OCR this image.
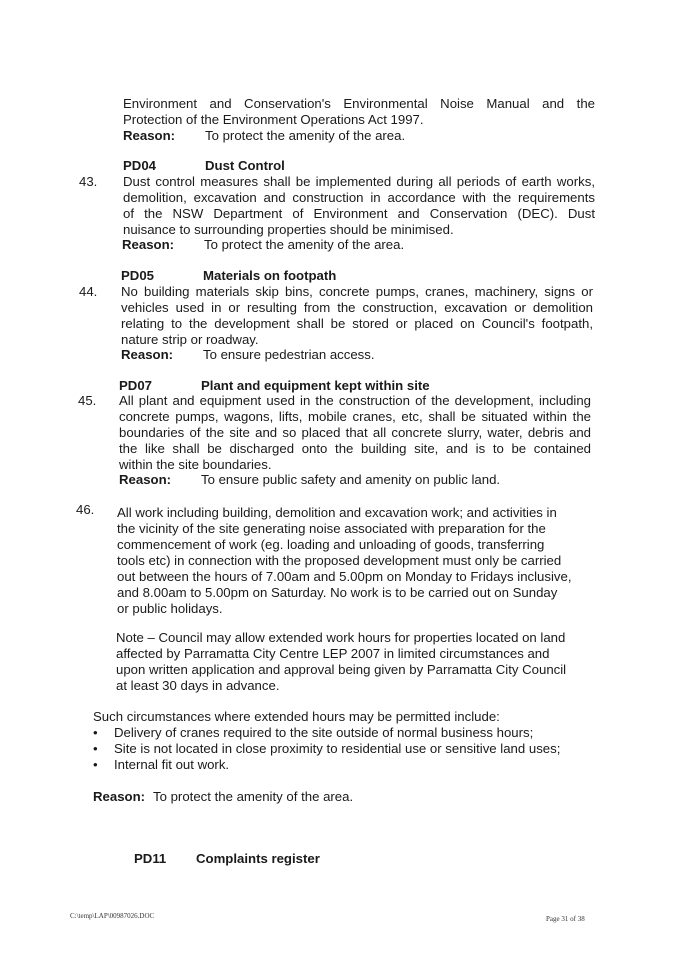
Environment and Conservation's Environmental Noise Manual and the
Protection of the Environment Operations Act 1997.
Reason: To protect the amenity of the area.
PD04	Dust Control
43. Dust control measures shall be implemented during all periods of earth works,
demolition, excavation and construction in accordance with the requirements
of the NSW Department of Environment and Conservation (DEC). Dust
nuisance to surrounding properties should be minimised.
Reason: To protect the amenity of the area.
PD05	Materials on footpath
44. No building materials skip bins, concrete pumps, cranes, machinery, signs or
vehicles used in or resulting from the construction, excavation or demolition
relating to the development shall be stored or placed on Council's footpath,
nature strip or roadway.
Reason: To ensure pedestrian access.
PD07	Plant and equipment kept within site
45. All plant and equipment used in the construction of the development, including
concrete pumps, wagons, lifts, mobile cranes, etc, shall be situated within the
boundaries of the site and so placed that all concrete slurry, water, debris and
the like shall be discharged onto the building site, and is to be contained
within the site boundaries.
Reason: To ensure public safety and amenity on public land.
46. All work including building, demolition and excavation work; and activities in
the vicinity of the site generating noise associated with preparation for the
commencement of work (eg. loading and unloading of goods, transferring
tools etc) in connection with the proposed development must only be carried
out between the hours of 7.00am and 5.00pm on Monday to Fridays inclusive,
and 8.00am to 5.00pm on Saturday. No work is to be carried out on Sunday
or public holidays.
Note – Council may allow extended work hours for properties located on land
affected by Parramatta City Centre LEP 2007 in limited circumstances and
upon written application and approval being given by Parramatta City Council
at least 30 days in advance.
Such circumstances where extended hours may be permitted include:
• Delivery of cranes required to the site outside of normal business hours;
• Site is not located in close proximity to residential use or sensitive land uses;
• Internal fit out work.
Reason: To protect the amenity of the area.
PD11 Complaints register
C:\temp\LAP\00987026.DOC	Page 31 of 38
